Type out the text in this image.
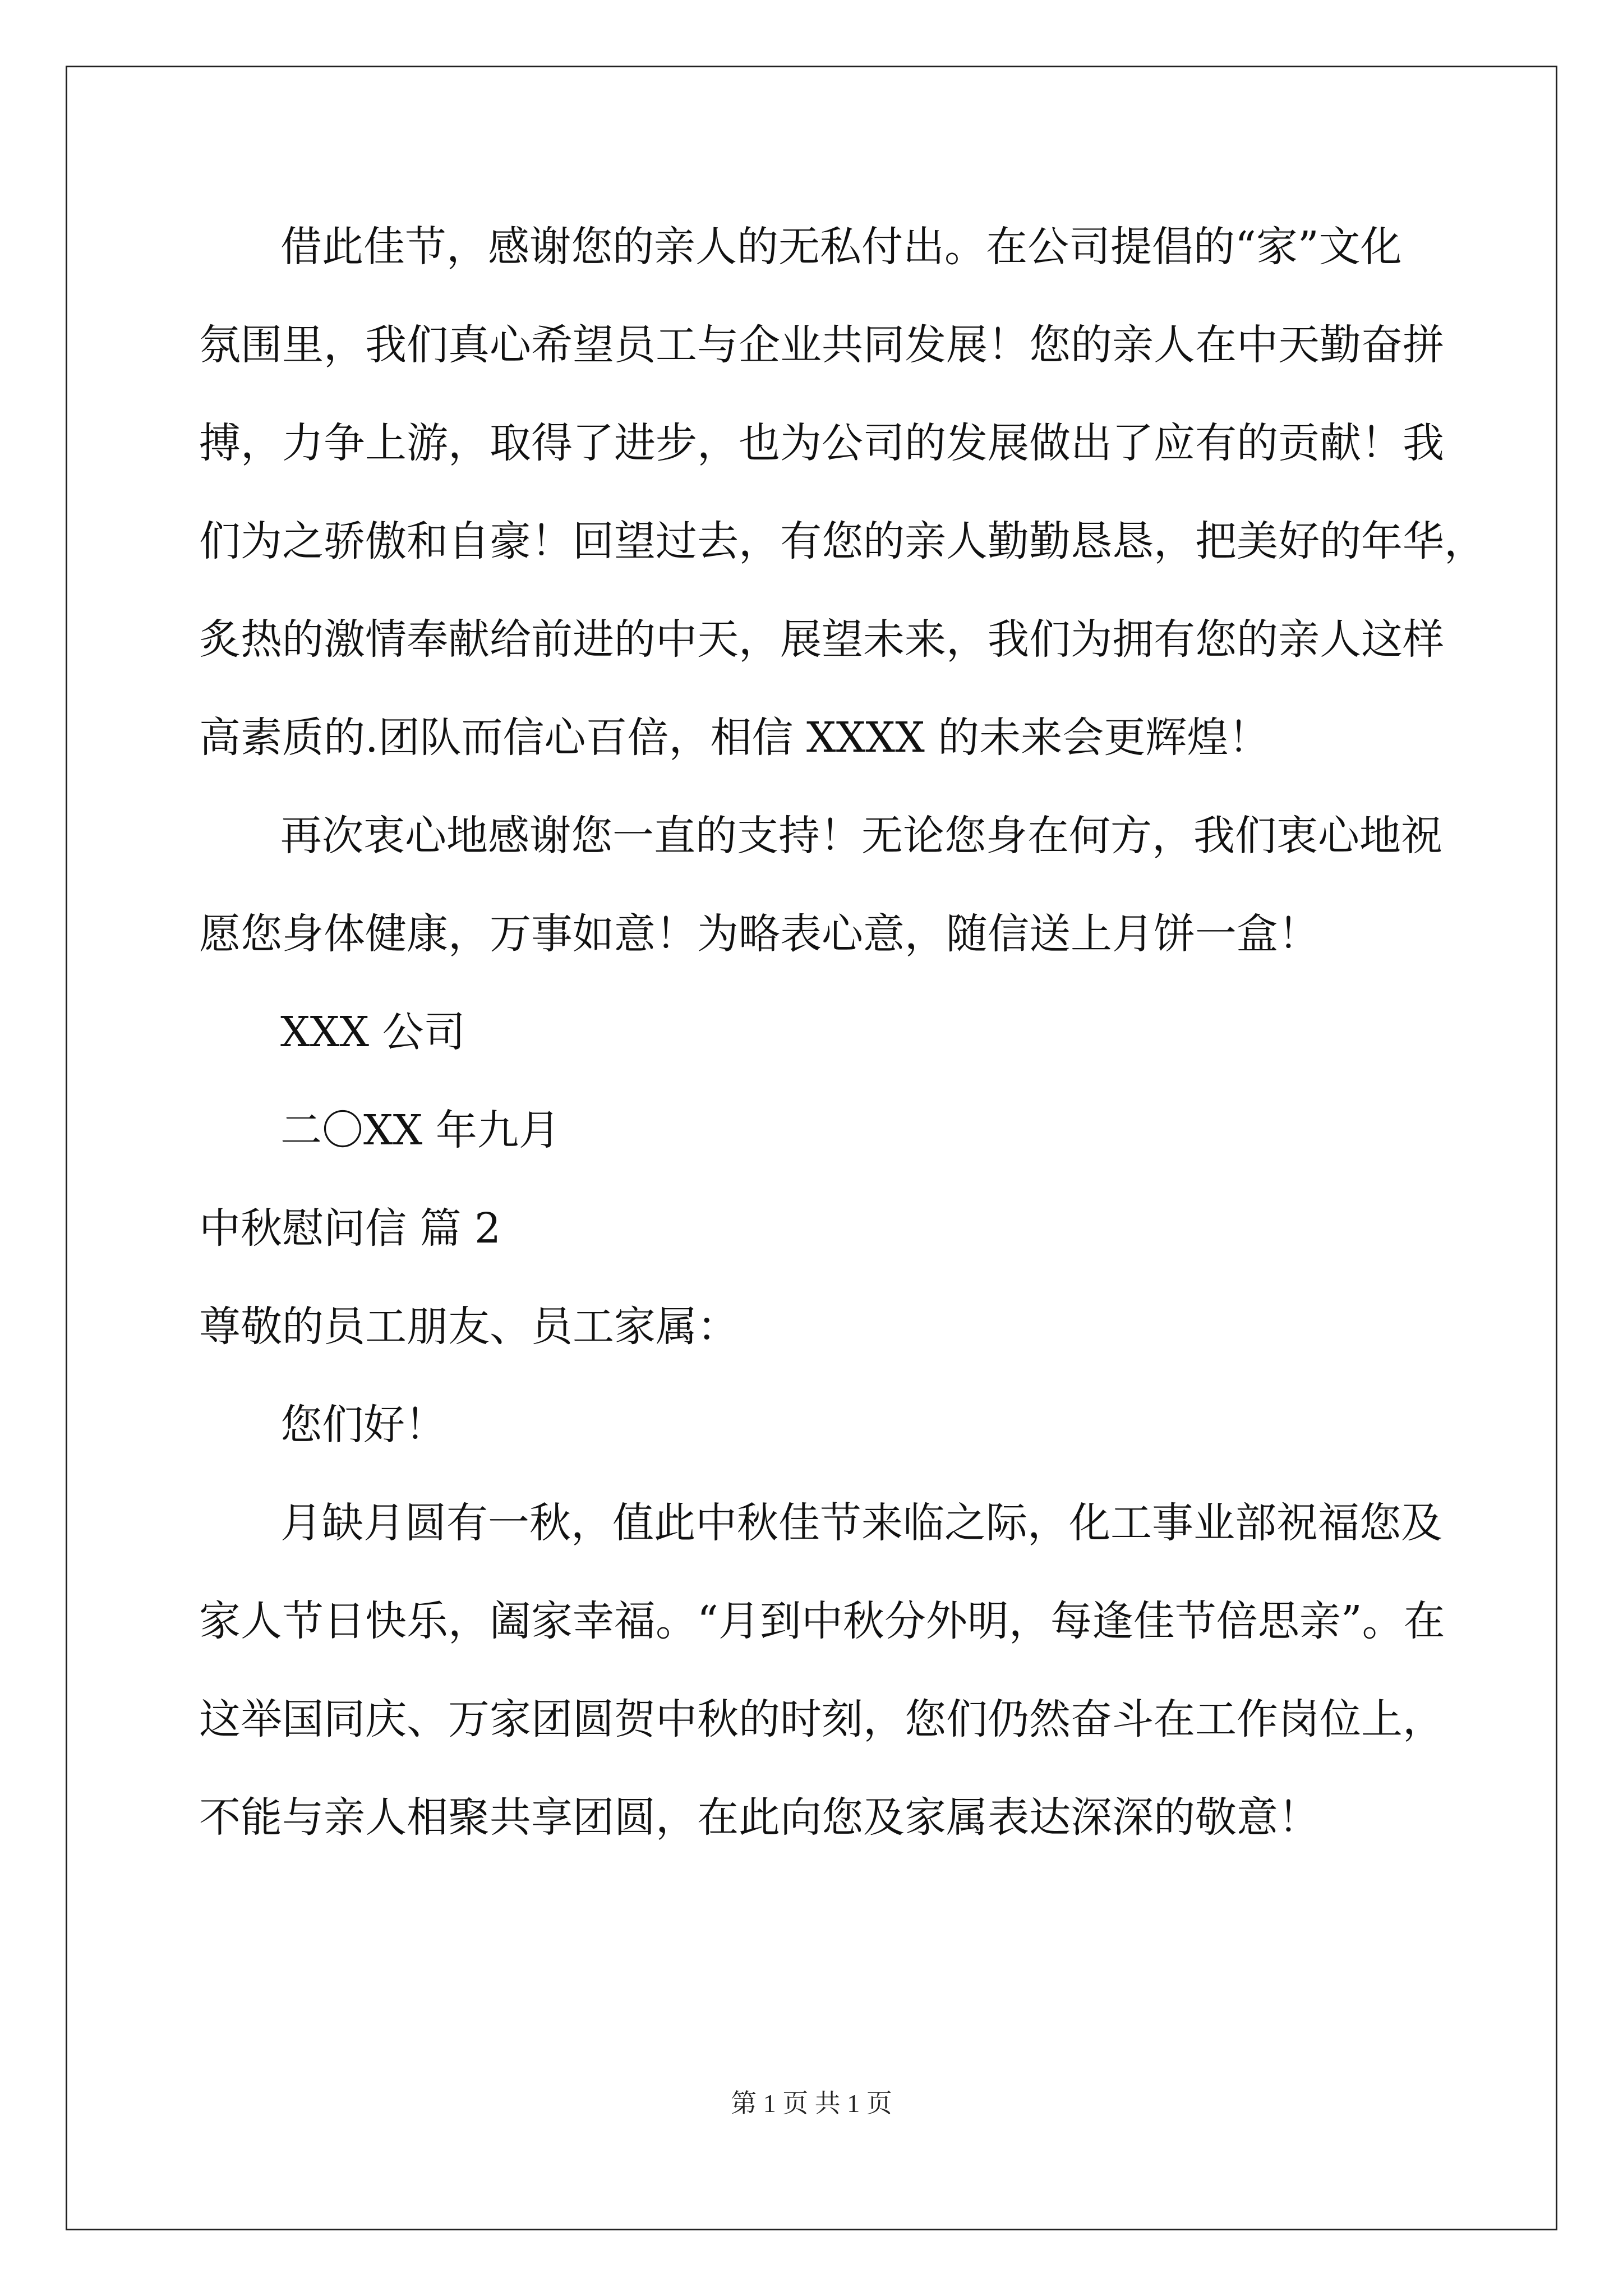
借此佳节，感谢您的亲人的无私付出。在公司提倡的“家”文化
氛围里，我们真心希望员工与企业共同发展！您的亲人在中天勤奋拼
搏，力争上游，取得了进步，也为公司的发展做出了应有的贡献！我
们为之骄傲和自豪！回望过去，有您的亲人勤勤恳恳，把美好的年华，
炙热的激情奉献给前进的中天，展望未来，我们为拥有您的亲人这样
高素质的.团队而信心百倍，相信 XXXX 的未来会更辉煌！
再次衷心地感谢您一直的支持！无论您身在何方，我们衷心地祝
愿您身体健康，万事如意！为略表心意，随信送上月饼一盒！
XXX 公司
二〇XX 年九月
中秋慰问信 篇 2
尊敬的员工朋友、员工家属：
您们好！
月缺月圆有一秋，值此中秋佳节来临之际，化工事业部祝福您及
家人节日快乐，阖家幸福。“月到中秋分外明，每逢佳节倍思亲”。在
这举国同庆、万家团圆贺中秋的时刻，您们仍然奋斗在工作岗位上，
不能与亲人相聚共享团圆，在此向您及家属表达深深的敬意！
第 1 页 共 1 页
